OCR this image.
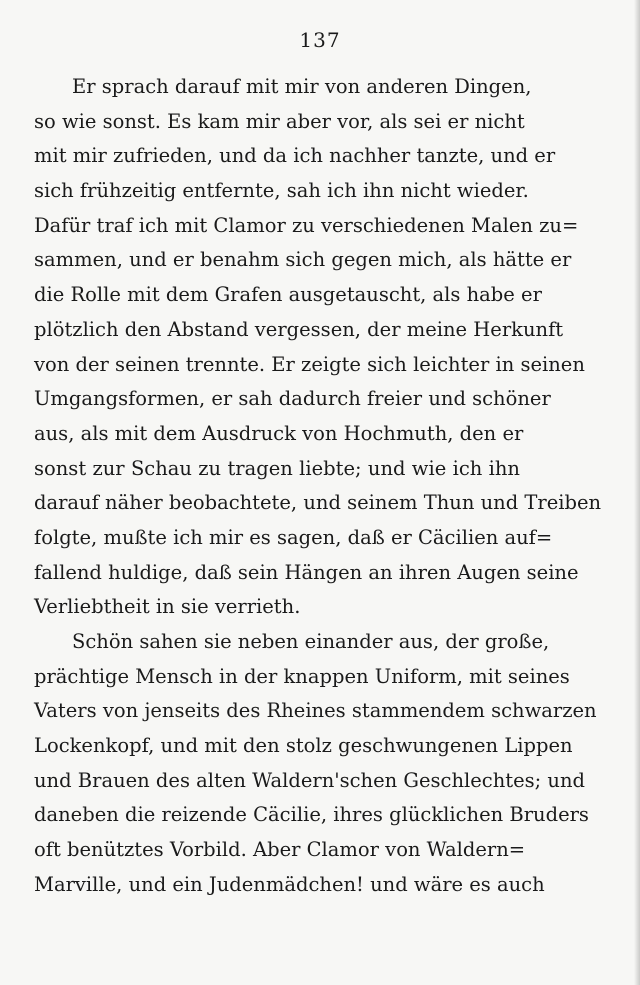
137
Er sprach darauf mit mir von anderen Dingen,
so wie sonst. Es kam mir aber vor, als sei er nicht
mit mir zufrieden, und da ich nachher tanzte, und er
sich frühzeitig entfernte, sah ich ihn nicht wieder.
Dafür traf ich mit Clamor zu verschiedenen Malen zu=
sammen, und er benahm sich gegen mich, als hätte er
die Rolle mit dem Grafen ausgetauscht, als habe er
plötzlich den Abstand vergessen, der meine Herkunft
von der seinen trennte. Er zeigte sich leichter in seinen
Umgangsformen, er sah dadurch freier und schöner
aus, als mit dem Ausdruck von Hochmuth, den er
sonst zur Schau zu tragen liebte; und wie ich ihn
darauf näher beobachtete, und seinem Thun und Treiben
folgte, mußte ich mir es sagen, daß er Cäcilien auf=
fallend huldige, daß sein Hängen an ihren Augen seine
Verliebtheit in sie verrieth.
Schön sahen sie neben einander aus, der große,
prächtige Mensch in der knappen Uniform, mit seines
Vaters von jenseits des Rheines stammendem schwarzen
Lockenkopf, und mit den stolz geschwungenen Lippen
und Brauen des alten Waldern'schen Geschlechtes; und
daneben die reizende Cäcilie, ihres glücklichen Bruders
oft benütztes Vorbild. Aber Clamor von Waldern=
Marville, und ein Judenmädchen! und wäre es auch
